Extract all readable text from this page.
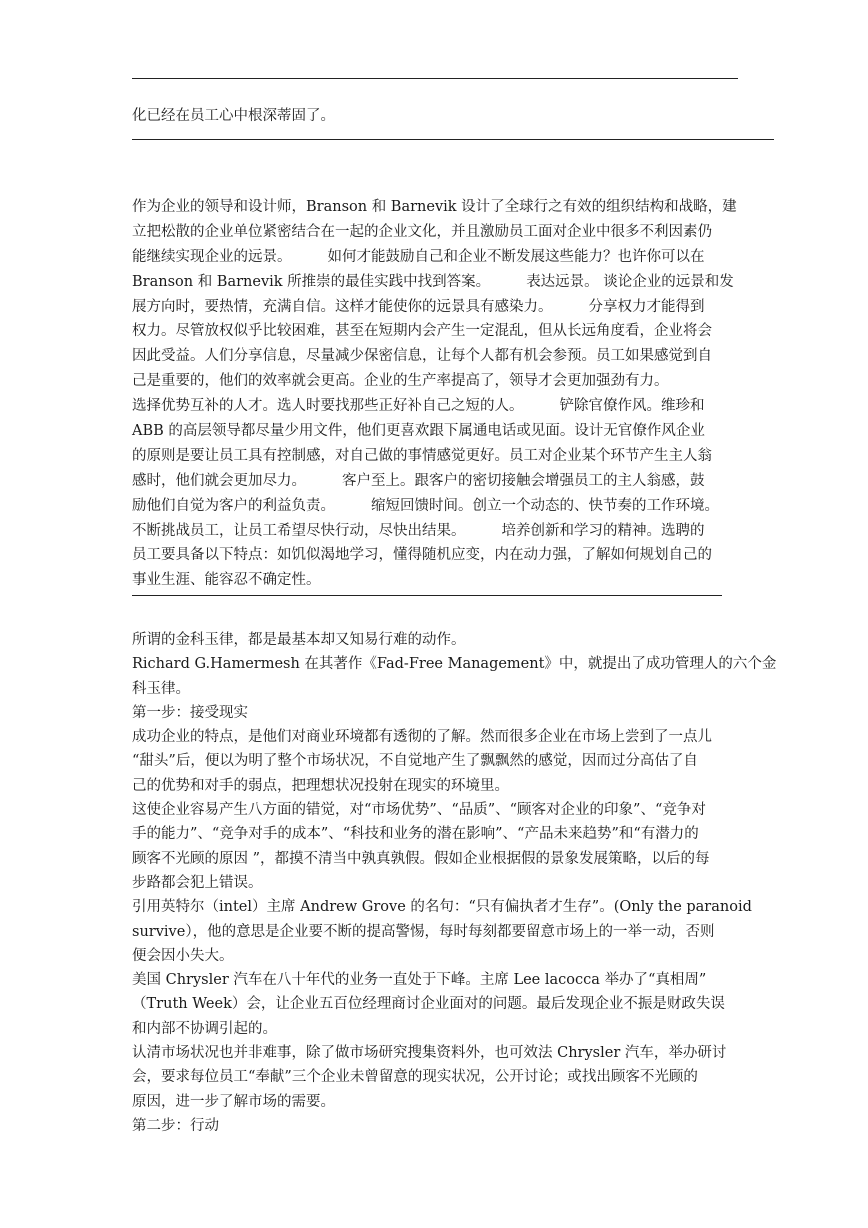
化已经在员工心中根深蒂固了。
作为企业的领导和设计师，Branson 和 Barnevik 设计了全球行之有效的组织结构和战略，建
立把松散的企业单位紧密结合在一起的企业文化，并且激励员工面对企业中很多不利因素仍
能继续实现企业的远景。 如何才能鼓励自己和企业不断发展这些能力？也许你可以在
Branson 和 Barnevik 所推崇的最佳实践中找到答案。 表达远景。 谈论企业的远景和发
展方向时，要热情，充满自信。这样才能使你的远景具有感染力。 分享权力才能得到
权力。尽管放权似乎比较困难，甚至在短期内会产生一定混乱，但从长远角度看，企业将会
因此受益。人们分享信息，尽量减少保密信息，让每个人都有机会参预。员工如果感觉到自
己是重要的，他们的效率就会更高。企业的生产率提高了，领导才会更加强劲有力。
选择优势互补的人才。选人时要找那些正好补自己之短的人。 铲除官僚作风。维珍和
ABB 的高层领导都尽量少用文件，他们更喜欢跟下属通电话或见面。设计无官僚作风企业
的原则是要让员工具有控制感，对自己做的事情感觉更好。员工对企业某个环节产生主人翁
感时，他们就会更加尽力。 客户至上。跟客户的密切接触会增强员工的主人翁感，鼓
励他们自觉为客户的利益负责。 缩短回馈时间。创立一个动态的、快节奏的工作环境。
不断挑战员工，让员工希望尽快行动，尽快出结果。 培养创新和学习的精神。选聘的
员工要具备以下特点：如饥似渴地学习，懂得随机应变，内在动力强，了解如何规划自己的
事业生涯、能容忍不确定性。
所谓的金科玉律，都是最基本却又知易行难的动作。
Richard G.Hamermesh 在其著作《Fad-Free Management》中，就提出了成功管理人的六个金
科玉律。
第一步：接受现实
成功企业的特点，是他们对商业环境都有透彻的了解。然而很多企业在市场上尝到了一点儿
“甜头”后，便以为明了整个市场状况，不自觉地产生了飘飘然的感觉，因而过分高估了自
己的优势和对手的弱点，把理想状况投射在现实的环境里。
这使企业容易产生八方面的错觉，对“市场优势”、“品质”、“顾客对企业的印象”、“竞争对
手的能力”、“竞争对手的成本”、“科技和业务的潜在影响”、“产品未来趋势”和“有潜力的
顾客不光顾的原因 ”，都摸不清当中孰真孰假。假如企业根据假的景象发展策略，以后的每
步路都会犯上错误。
引用英特尔（intel）主席 Andrew Grove 的名句：“只有偏执者才生存”。(Only the paranoid
survive），他的意思是企业要不断的提高警惕，每时每刻都要留意市场上的一举一动，否则
便会因小失大。
美国 Chrysler 汽车在八十年代的业务一直处于下峰。主席 Lee lacocca 举办了“真相周”
（Truth Week）会，让企业五百位经理商讨企业面对的问题。最后发现企业不振是财政失误
和内部不协调引起的。
认清市场状况也并非难事，除了做市场研究搜集资料外，也可效法 Chrysler 汽车，举办研讨
会，要求每位员工“奉献”三个企业未曾留意的现实状况，公开讨论；或找出顾客不光顾的
原因，进一步了解市场的需要。
第二步：行动
